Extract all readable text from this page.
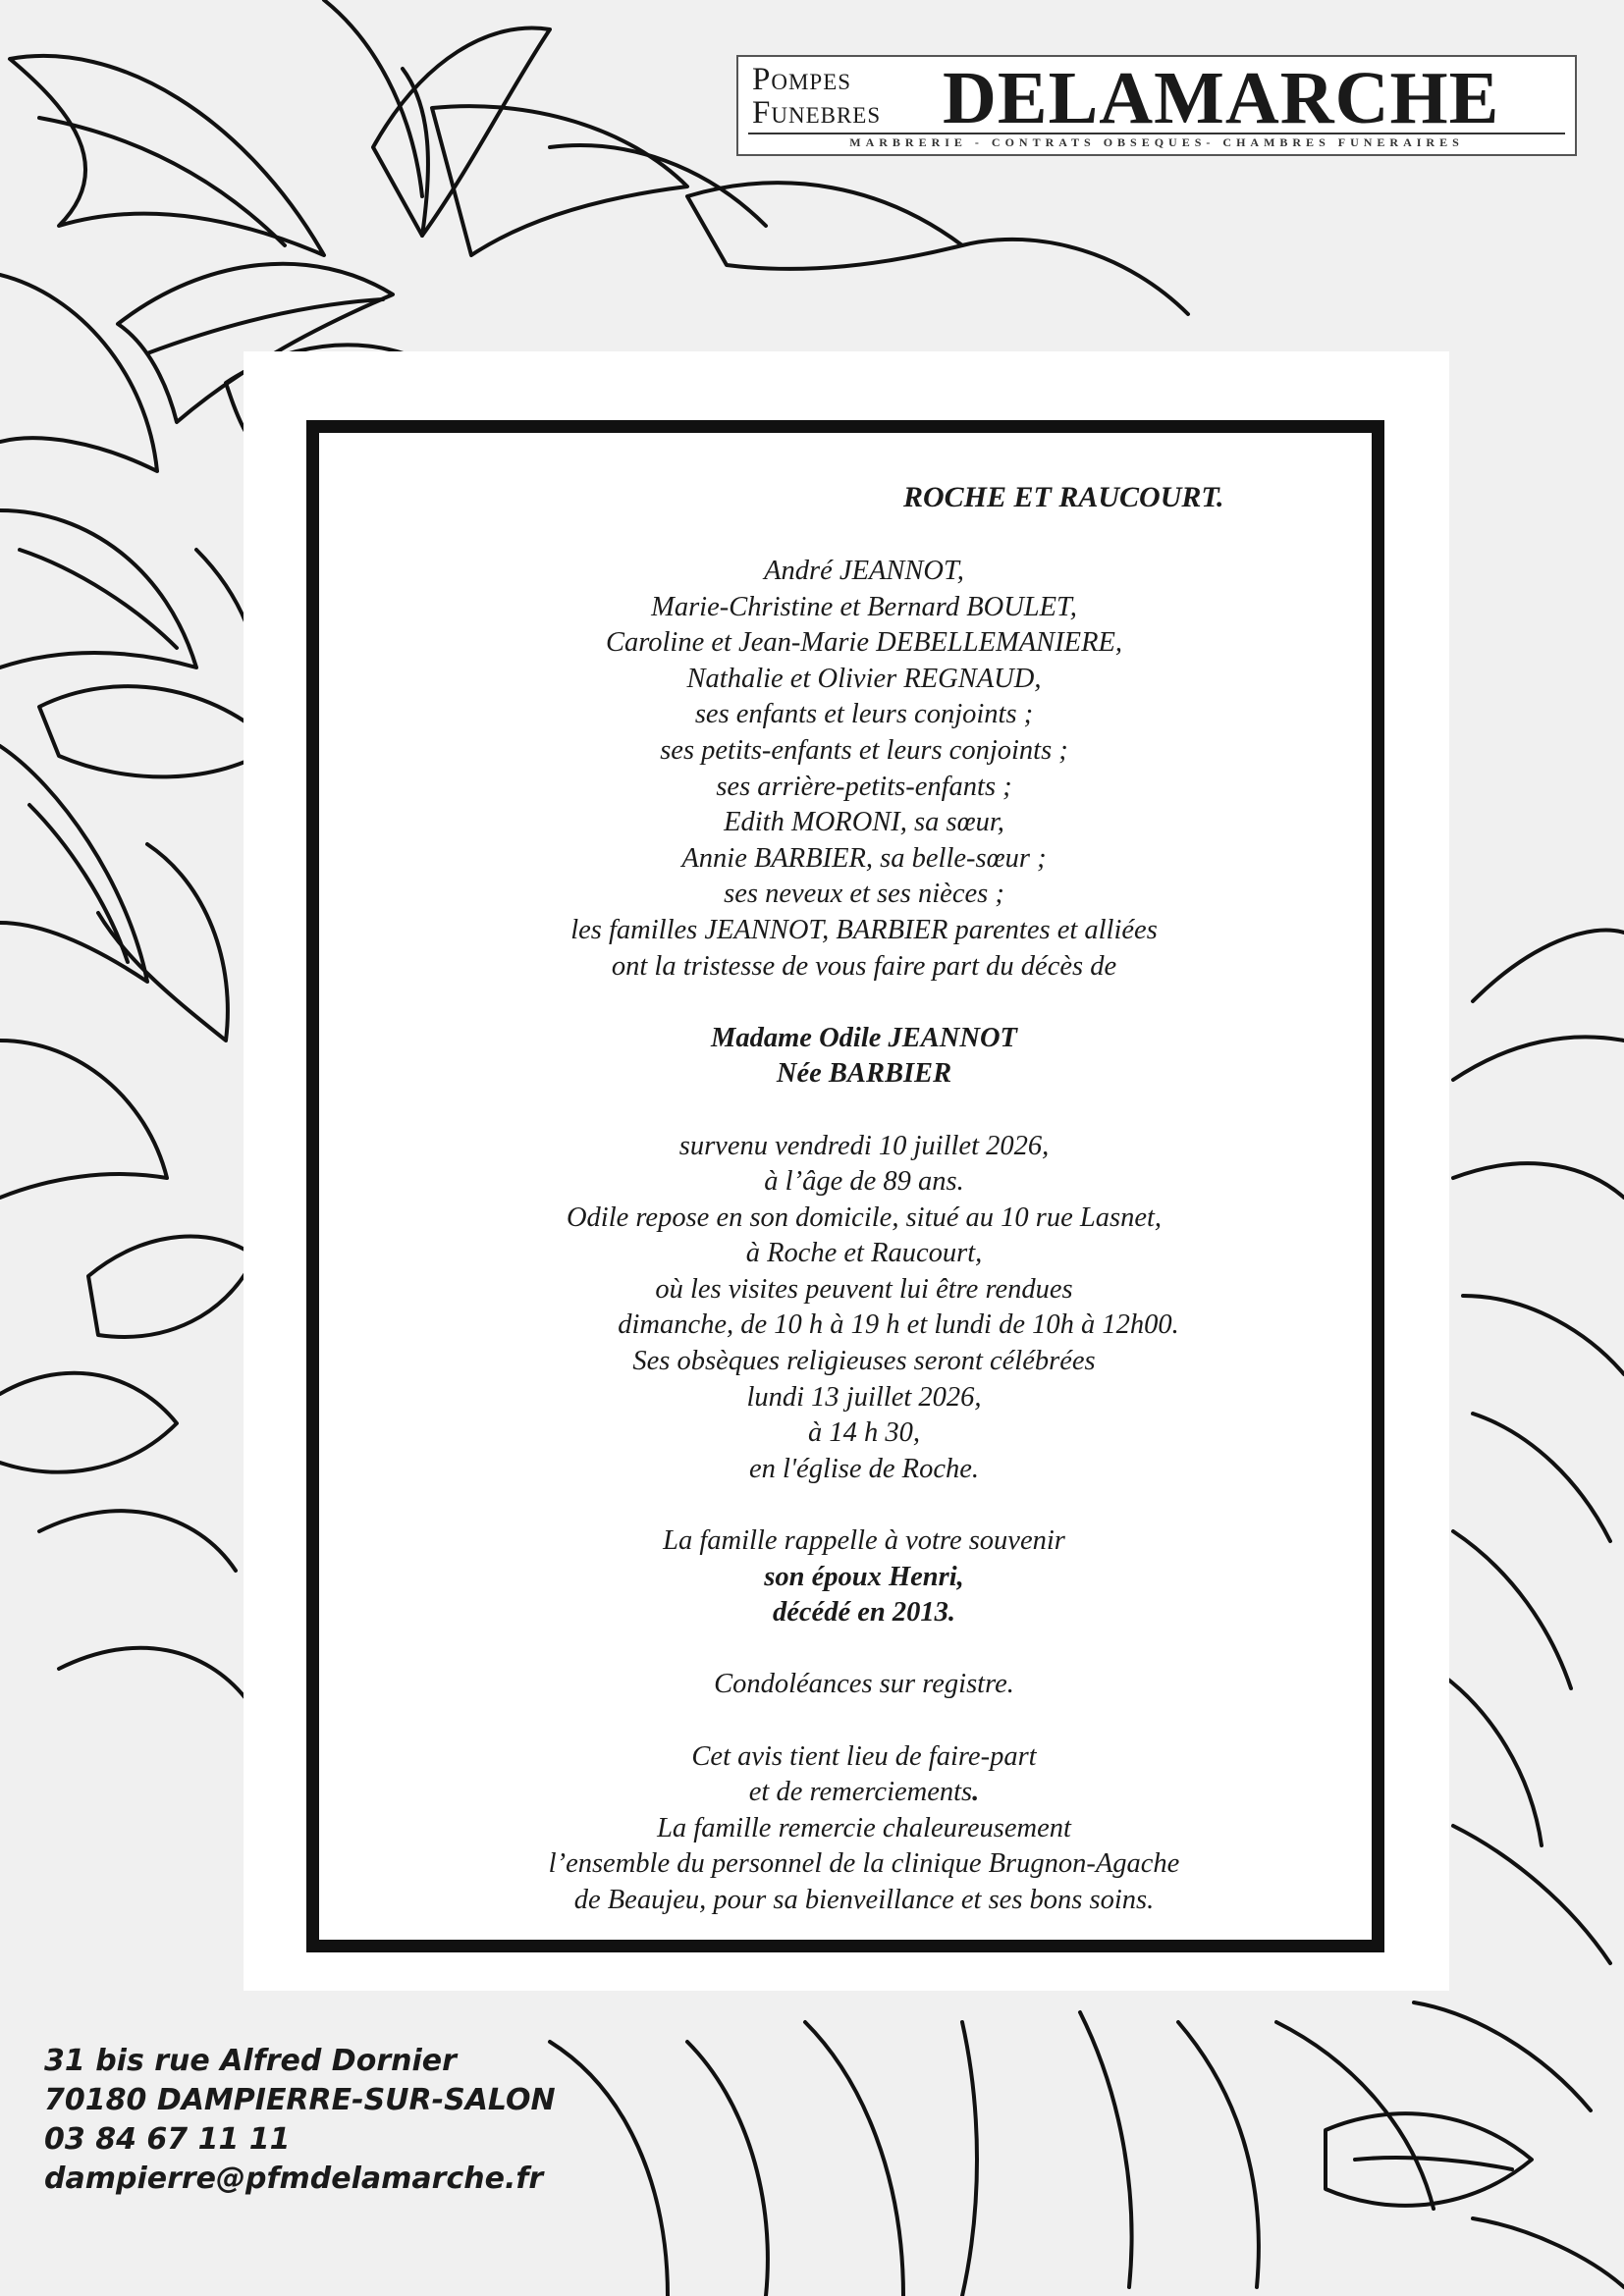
Pompes
Funebres DELAMARCHE
MARBRERIE - CONTRATS OBSEQUES- CHAMBRES FUNERAIRES
ROCHE ET RAUCOURT.
André JEANNOT,
Marie-Christine et Bernard BOULET,
Caroline et Jean-Marie DEBELLEMANIERE,
Nathalie et Olivier REGNAUD,
ses enfants et leurs conjoints ;
ses petits-enfants et leurs conjoints ;
ses arrière-petits-enfants ;
Edith MORONI, sa sœur,
Annie BARBIER, sa belle-sœur ;
ses neveux et ses nièces ;
les familles JEANNOT, BARBIER parentes et alliées
ont la tristesse de vous faire part du décès de
Madame Odile JEANNOT
Née BARBIER
survenu vendredi 10 juillet 2026,
à l’âge de 89 ans.
Odile repose en son domicile, situé au 10 rue Lasnet,
à Roche et Raucourt,
où les visites peuvent lui être rendues
dimanche, de 10 h à 19 h et lundi de 10h à 12h00.
Ses obsèques religieuses seront célébrées
lundi 13 juillet 2026,
à 14 h 30,
en l'église de Roche.
La famille rappelle à votre souvenir
son époux Henri,
décédé en 2013.
Condoléances sur registre.
Cet avis tient lieu de faire-part
et de remerciements.
La famille remercie chaleureusement
l’ensemble du personnel de la clinique Brugnon-Agache
de Beaujeu, pour sa bienveillance et ses bons soins.
31 bis rue Alfred Dornier
70180 DAMPIERRE-SUR-SALON
03 84 67 11 11
dampierre@pfmdelamarche.fr
